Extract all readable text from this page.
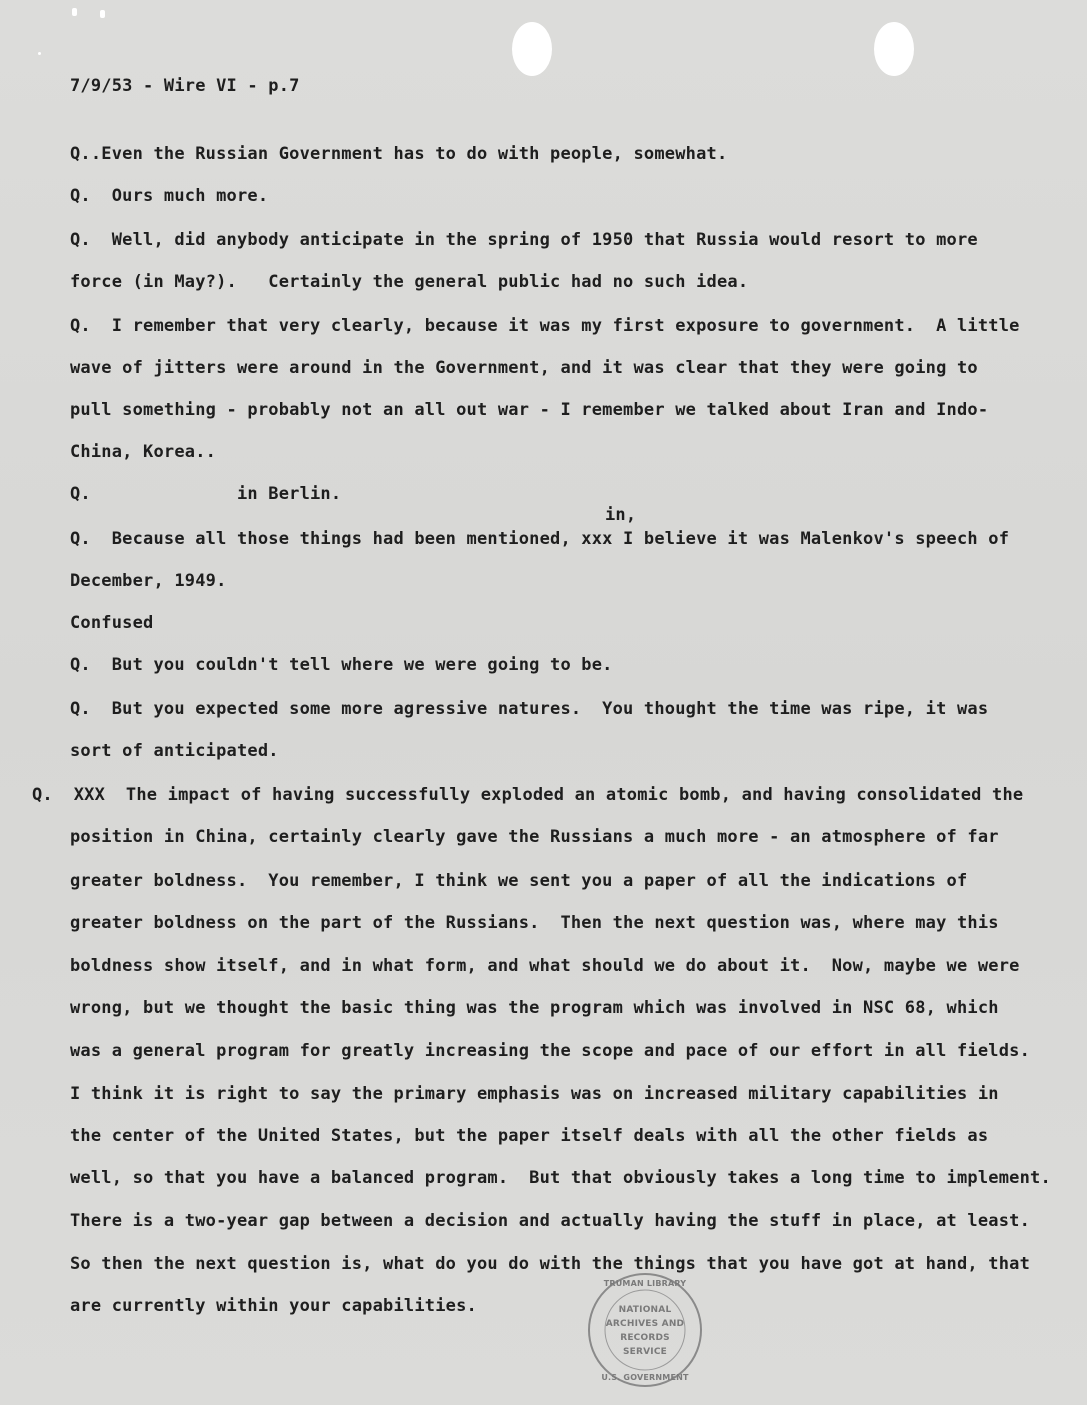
7/9/53 - Wire VI - p.7
Q..Even the Russian Government has to do with people, somewhat.
Q.  Ours much more.
Q.  Well, did anybody anticipate in the spring of 1950 that Russia would resort to more
force (in May?).   Certainly the general public had no such idea.
Q.  I remember that very clearly, because it was my first exposure to government.  A little
wave of jitters were around in the Government, and it was clear that they were going to
pull something - probably not an all out war - I remember we talked about Iran and Indo-
China, Korea..
Q.              in Berlin.
in,
Q.  Because all those things had been mentioned, xxx I believe it was Malenkov's speech of
December, 1949.
Confused
Q.  But you couldn't tell where we were going to be.
Q.  But you expected some more agressive natures.  You thought the time was ripe, it was
sort of anticipated.
Q.  XXX  The impact of having successfully exploded an atomic bomb, and having consolidated the
position in China, certainly clearly gave the Russians a much more - an atmosphere of far
greater boldness.  You remember, I think we sent you a paper of all the indications of
greater boldness on the part of the Russians.  Then the next question was, where may this
boldness show itself, and in what form, and what should we do about it.  Now, maybe we were
wrong, but we thought the basic thing was the program which was involved in NSC 68, which
was a general program for greatly increasing the scope and pace of our effort in all fields.
I think it is right to say the primary emphasis was on increased military capabilities in
the center of the United States, but the paper itself deals with all the other fields as
well, so that you have a balanced program.  But that obviously takes a long time to implement.
There is a two-year gap between a decision and actually having the stuff in place, at least.
So then the next question is, what do you do with the things that you have got at hand, that
are currently within your capabilities.
TRUMAN LIBRARY
NATIONAL
ARCHIVES AND
RECORDS
SERVICE
U.S. GOVERNMENT
